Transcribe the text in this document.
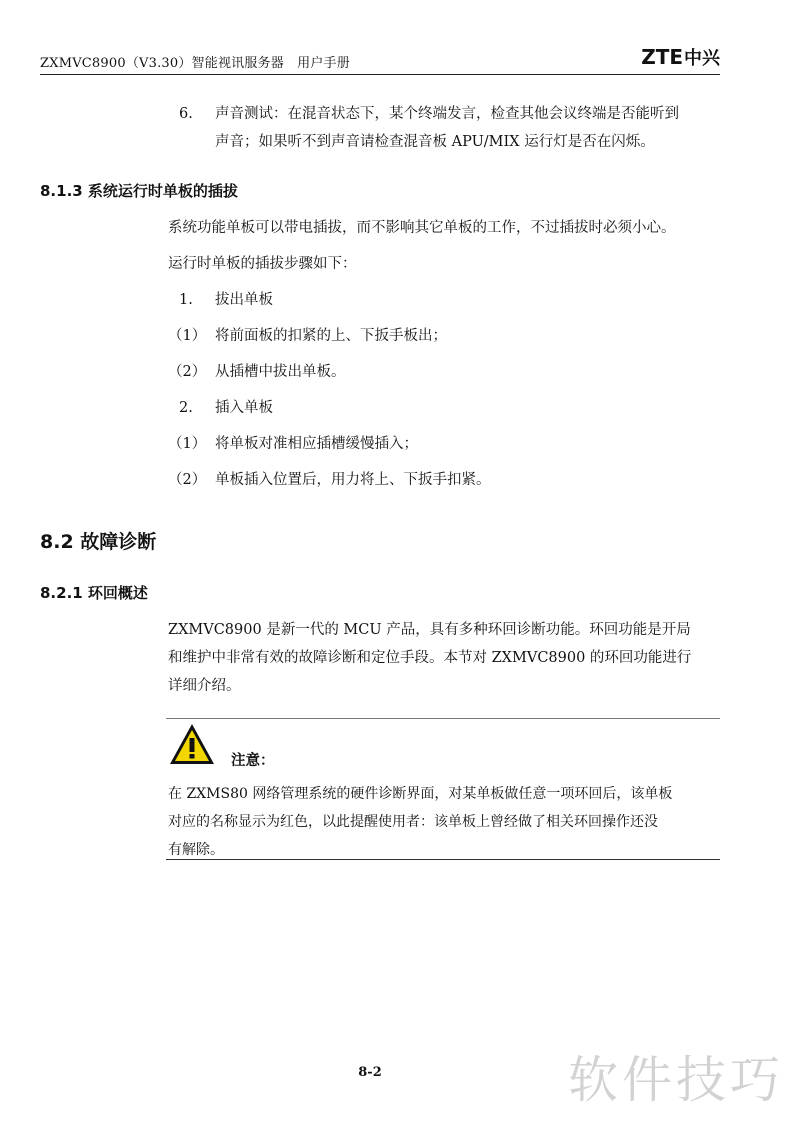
ZXMVC8900（V3.30）智能视讯服务器　用户手册	ZTE中兴
6. 声音测试：在混音状态下，某个终端发言，检查其他会议终端是否能听到
声音；如果听不到声音请检查混音板 APU/MIX 运行灯是否在闪烁。
8.1.3 系统运行时单板的插拔
系统功能单板可以带电插拔，而不影响其它单板的工作，不过插拔时必须小心。
运行时单板的插拔步骤如下：
1. 拔出单板
（1） 将前面板的扣紧的上、下扳手板出；
（2） 从插槽中拔出单板。
2. 插入单板
（1） 将单板对准相应插槽缓慢插入；
（2） 单板插入位置后，用力将上、下扳手扣紧。
8.2 故障诊断
8.2.1 环回概述
ZXMVC8900 是新一代的 MCU 产品，具有多种环回诊断功能。环回功能是开局
和维护中非常有效的故障诊断和定位手段。本节对 ZXMVC8900 的环回功能进行
详细介绍。
注意：
在 ZXMS80 网络管理系统的硬件诊断界面，对某单板做任意一项环回后，该单板
对应的名称显示为红色，以此提醒使用者：该单板上曾经做了相关环回操作还没
有解除。
8-2	软件技巧
